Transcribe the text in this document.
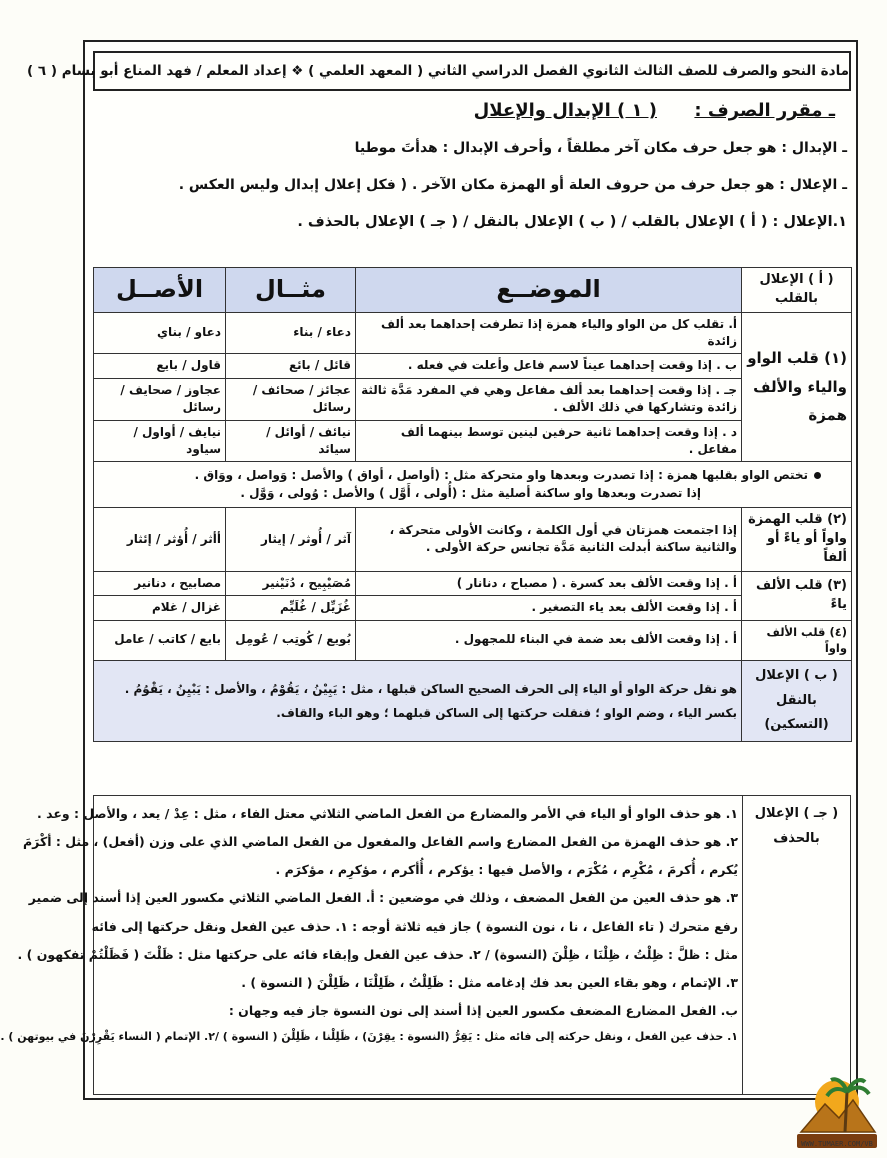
مادة النحو والصرف للصف الثالث الثانوي الفصل الدراسي الثاني ( المعهد العلمي ) ❖ إعداد المعلم / فهد المناع أبو بسام ( ٦ )
ـ مقرر الصرف :
( ١ ) الإبدال والإعلال
ـ الإبدال : هو جعل حرف مكان آخر مطلقاً ، وأحرف الإبدال : هدأتَ موطيا
ـ الإعلال : هو جعل حرف من حروف العلة أو الهمزة مكان الآخر . ( فكل إعلال إبدال وليس العكس .
١.الإعلال : ( أ ) الإعلال بالقلب / ( ب ) الإعلال بالنقل / ( جـ ) الإعلال بالحذف .
( أ ) الإعلال بالقلب	الموضــع	مثــال	الأصــل
(١) قلب الواو والياء والألف همزة	أ. تقلب كل من الواو والياء همزة إذا تطرفت إحداهما بعد ألف زائدة	دعاء / بناء	دعاو / بناي
	ب . إذا وقعت إحداهما عيناً لاسم فاعل وأعلت في فعله .	قائل / بائع	قاول / بايع
	جـ . إذا وقعت إحداهما بعد ألف مفاعل وهي في المفرد مَدَّة ثالثة زائدة وتشاركها في ذلك الألف .	عجائز / صحائف / رسائل	عجاوز / صحايف / رسائل
	د . إذا وقعت إحداهما ثانية حرفين لينين توسط بينهما ألف مفاعل .	نيائف / أوائل / سيائد	نيايف / أواول / سياود

تختص الواو بقلبها همزة : إذا تصدرت وبعدها واو متحركة مثل : (أواصل ، أواق ) والأصل : وَواصل ، ووَاق .
إذا تصدرت وبعدها واو ساكنة أصلية مثل : (أُولى ، أَوَّل ) والأصل : وُولى ، وَوَّل .			

(٢) قلب الهمزة واواً أو ياءً أو ألفاً	إذا اجتمعت همزتان في أول الكلمة ، وكانت الأولى متحركة ، والثانية ساكنة أبدلت الثانية مَدَّة تجانس حركة الأولى .	آثر / أُوثر / إيثار	أأثر / أُؤثر / إئثار
(٣) قلب الألف ياءً	أ . إذا وقعت الألف بعد كسرة . ( مصباح ، دنانار )	مُصَيْبِيح ، دُنَيْنير	مصابيح ، دنانير
	أ . إذا وقعت الألف بعد ياء التصغير .	غُزَيِّل / غُلَيِّم	غزال / غلام
(٤) قلب الألف واواً	أ . إذا وقعت الألف بعد ضمة في البناء للمجهول .	بُويع / كُوتِب / عُومِل	بايع / كاتب / عامل
( ب ) الإعلال بالنقل (التسكين)	هو نقل حركة الواو أو الياء إلى الحرف الصحيح الساكن قبلها ، مثل : يَبِيْنُ ، يَقُوْمُ ، والأصل : يَبْيِنُ ، يَقْوُمُ .
بكسر الياء ، وضم الواو ؛ فنقلت حركتها إلى الساكن قبلهما ؛ وهو الباء والقاف.		
( جـ ) الإعلال بالحذف
١. هو حذف الواو أو الياء في الأمر والمضارع من الفعل الماضي الثلاثي معتل الفاء ، مثل : عِدْ / يعد ، والأصل : وعد .
٢. هو حذف الهمزة من الفعل المضارع واسم الفاعل والمفعول من الفعل الماضي الذي على وزن (أفعل) ، مثل : أكْرَمَ
يُكرم ، أُكرمَ ، مُكْرِم ، مُكْرَم ، والأصل فيها : يؤكرم ، أُأكرم ، مؤكرِم ، مؤكرَم .
٣. هو حذف العين من الفعل المضعف ، وذلك في موضعين : أ. الفعل الماضي الثلاثي مكسور العين إذا أسند إلى ضمير
رفع متحرك ( تاء الفاعل ، نا ، نون النسوة ) جاز فيه ثلاثة أوجه : ١. حذف عين الفعل ونقل حركتها إلى فائه
مثل : ظلَّ : ظِلْتُ ، ظِلْنَا ، ظِلْنَ (النسوة) / ٢. حذف عين الفعل وإبقاء فائه على حركتها مثل : ظَلْتَ ( فَظَلْتُمْ تفكهون ) .
٣. الإتمام ، وهو بقاء العين بعد فك إدغامه مثل : ظَلِلْتُ ، ظَلِلْنَا ، ظَلِلْنَ ( النسوة ) .
ب. الفعل المضارع المضعف مكسور العين إذا أسند إلى نون النسوة جاز فيه وجهان :
١. حذف عين الفعل ، ونقل حركته إلى فائه مثل : يَقِرُّ (النسوة : يقِرْنَ) ، ظَلِلْنا ، ظَلِلْنَ ( النسوة ) /٢. الإتمام ( النساء يَقْرِرْنَ في بيوتهن ) .
WWW.TUMAER.COM/VB
